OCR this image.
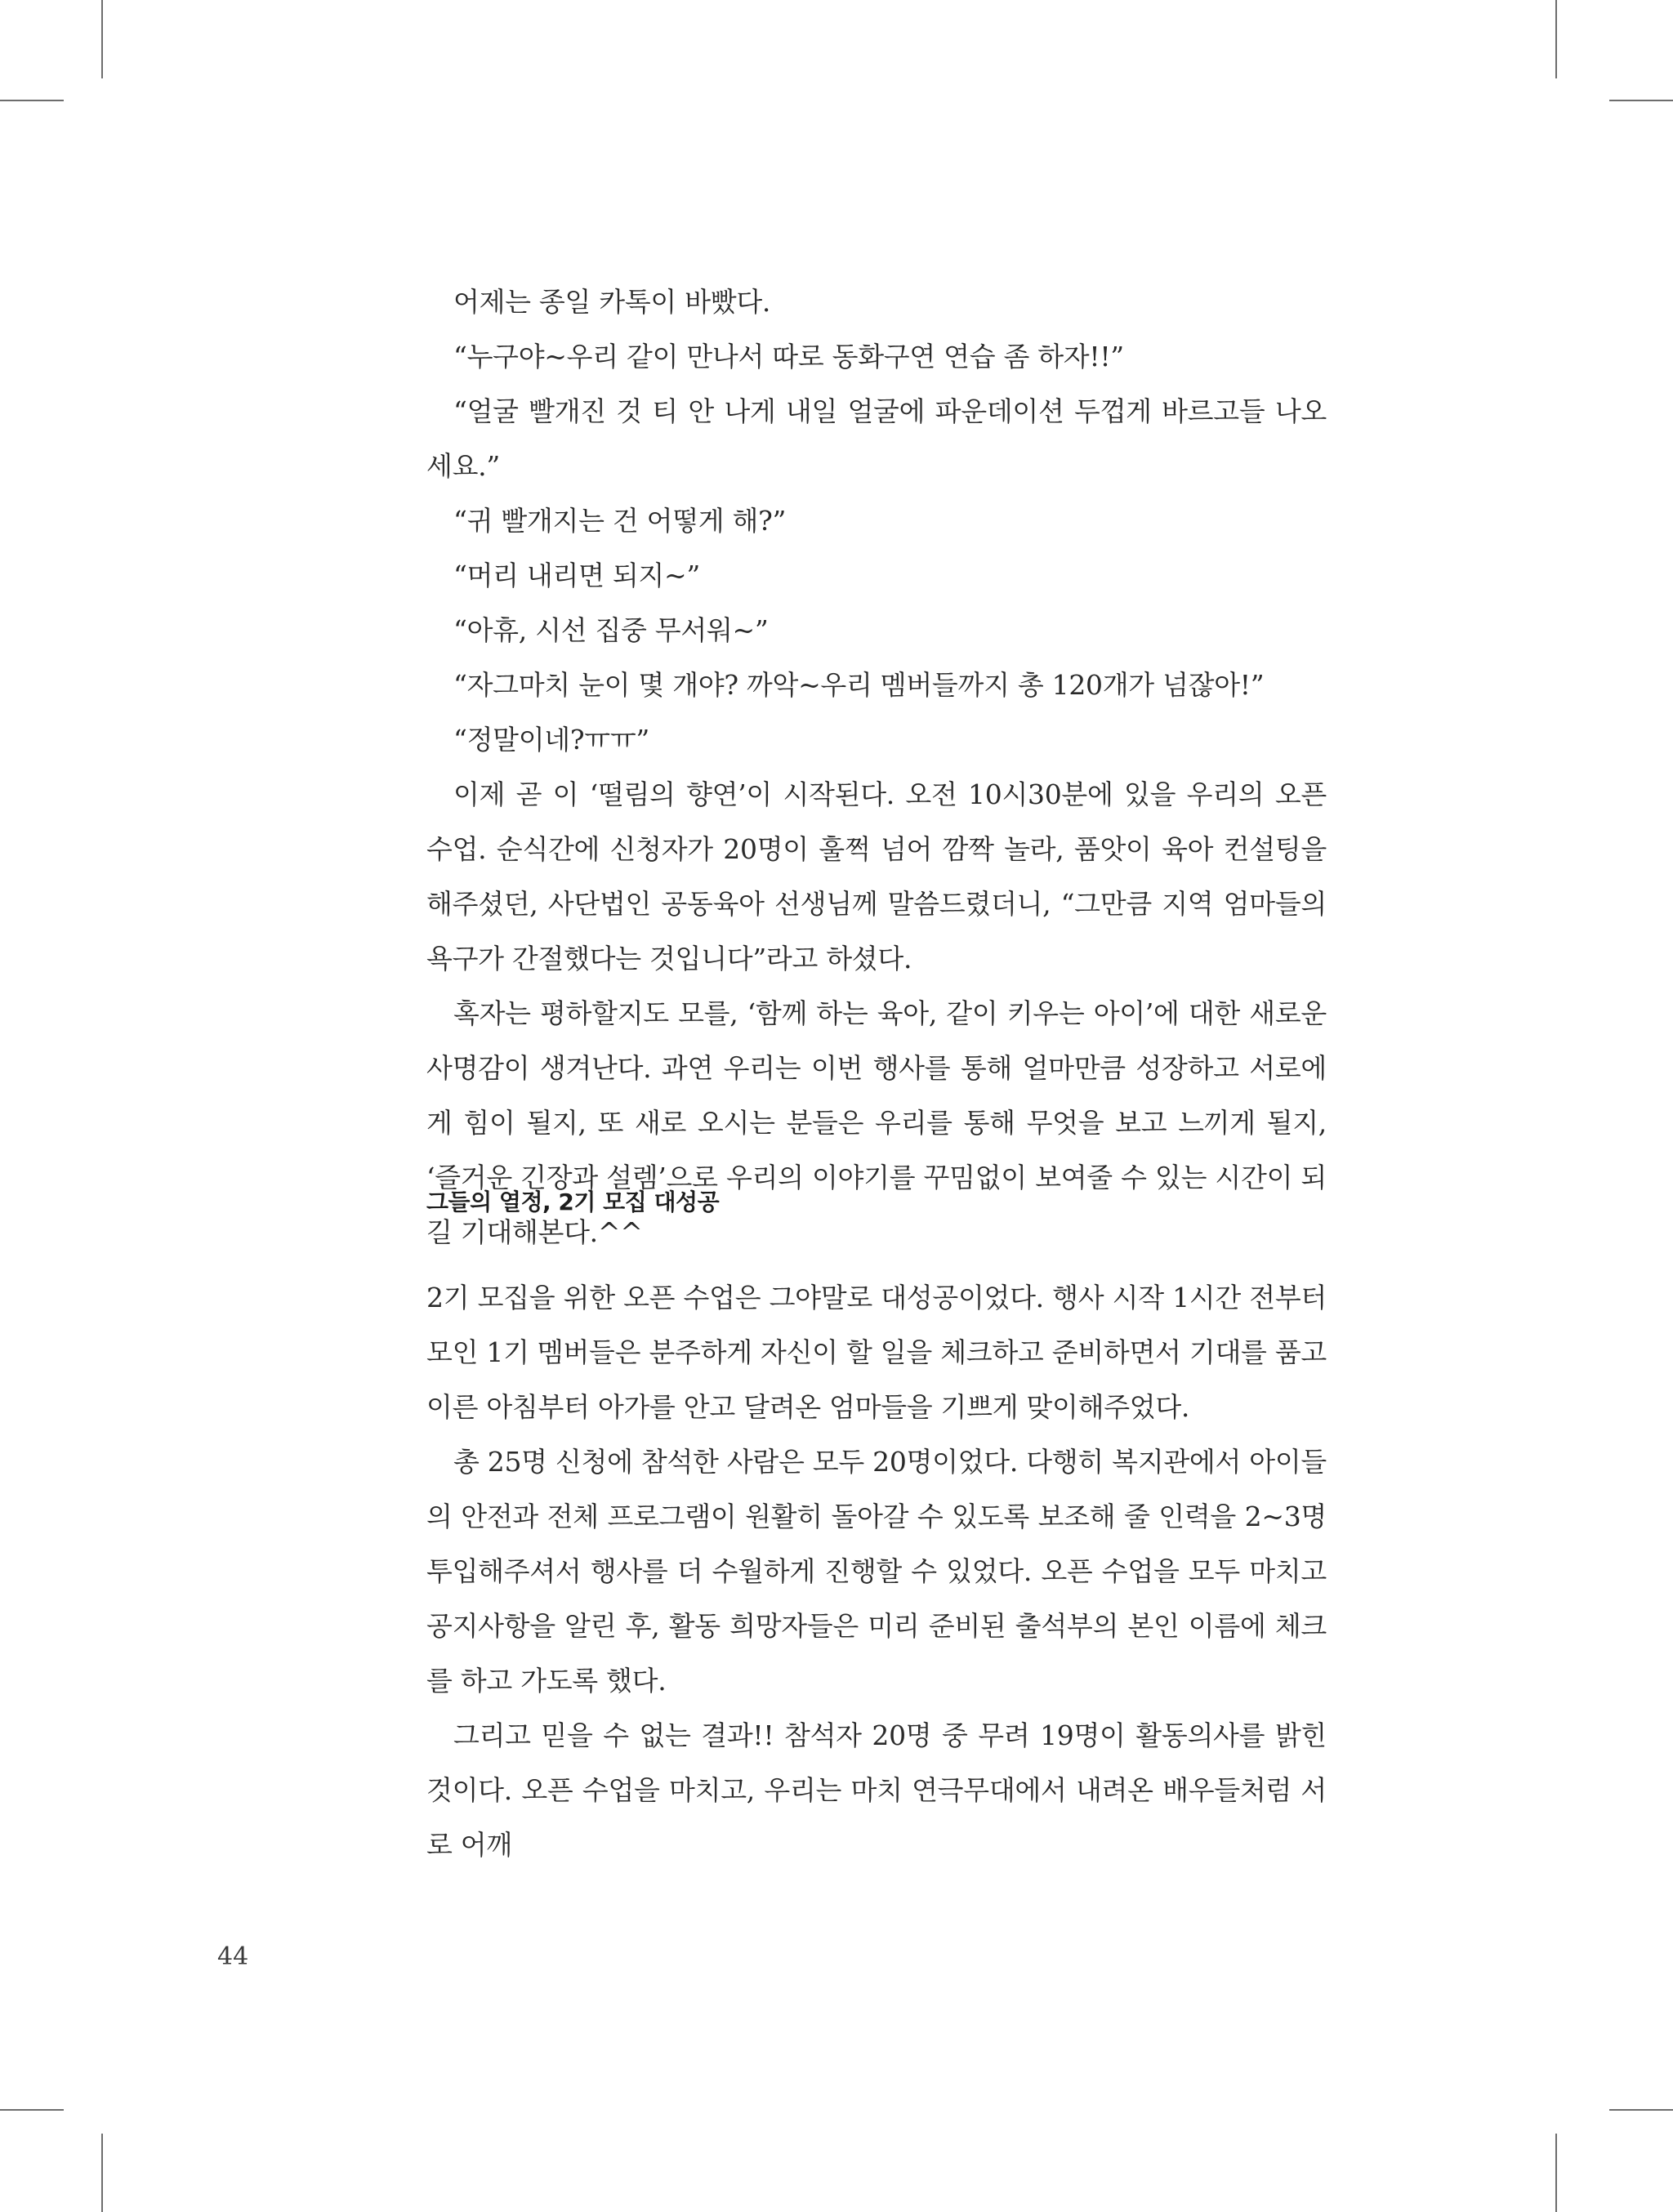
어제는 종일 카톡이 바빴다.

“누구야~우리 같이 만나서 따로 동화구연 연습 좀 하자!!”

“얼굴 빨개진 것 티 안 나게 내일 얼굴에 파운데이션 두껍게 바르고들 나오세요.”

“귀 빨개지는 건 어떻게 해?”

“머리 내리면 되지~”

“아휴, 시선 집중 무서워~”

“자그마치 눈이 몇 개야? 까악~우리 멤버들까지 총 120개가 넘잖아!”

“정말이네?ㅠㅠ”

이제 곧 이 ‘떨림의 향연’이 시작된다. 오전 10시30분에 있을 우리의 오픈 수업. 순식간에 신청자가 20명이 훌쩍 넘어 깜짝 놀라, 품앗이 육아 컨설팅을 해주셨던, 사단법인 공동육아 선생님께 말씀드렸더니, “그만큼 지역 엄마들의 욕구가 간절했다는 것입니다”라고 하셨다.

혹자는 평하할지도 모를, ‘함께 하는 육아, 같이 키우는 아이’에 대한 새로운 사명감이 생겨난다. 과연 우리는 이번 행사를 통해 얼마만큼 성장하고 서로에게 힘이 될지, 또 새로 오시는 분들은 우리를 통해 무엇을 보고 느끼게 될지, ‘즐거운 긴장과 설렘’으로 우리의 이야기를 꾸밈없이 보여줄 수 있는 시간이 되길 기대해본다.^^

그들의 열정, 2기 모집 대성공

2기 모집을 위한 오픈 수업은 그야말로 대성공이었다. 행사 시작 1시간 전부터 모인 1기 멤버들은 분주하게 자신이 할 일을 체크하고 준비하면서 기대를 품고 이른 아침부터 아가를 안고 달려온 엄마들을 기쁘게 맞이해주었다.

총 25명 신청에 참석한 사람은 모두 20명이었다. 다행히 복지관에서 아이들의 안전과 전체 프로그램이 원활히 돌아갈 수 있도록 보조해 줄 인력을 2~3명 투입해주셔서 행사를 더 수월하게 진행할 수 있었다. 오픈 수업을 모두 마치고 공지사항을 알린 후, 활동 희망자들은 미리 준비된 출석부의 본인 이름에 체크를 하고 가도록 했다.

그리고 믿을 수 없는 결과!! 참석자 20명 중 무려 19명이 활동의사를 밝힌 것이다. 오픈 수업을 마치고, 우리는 마치 연극무대에서 내려온 배우들처럼 서로 어깨

44
